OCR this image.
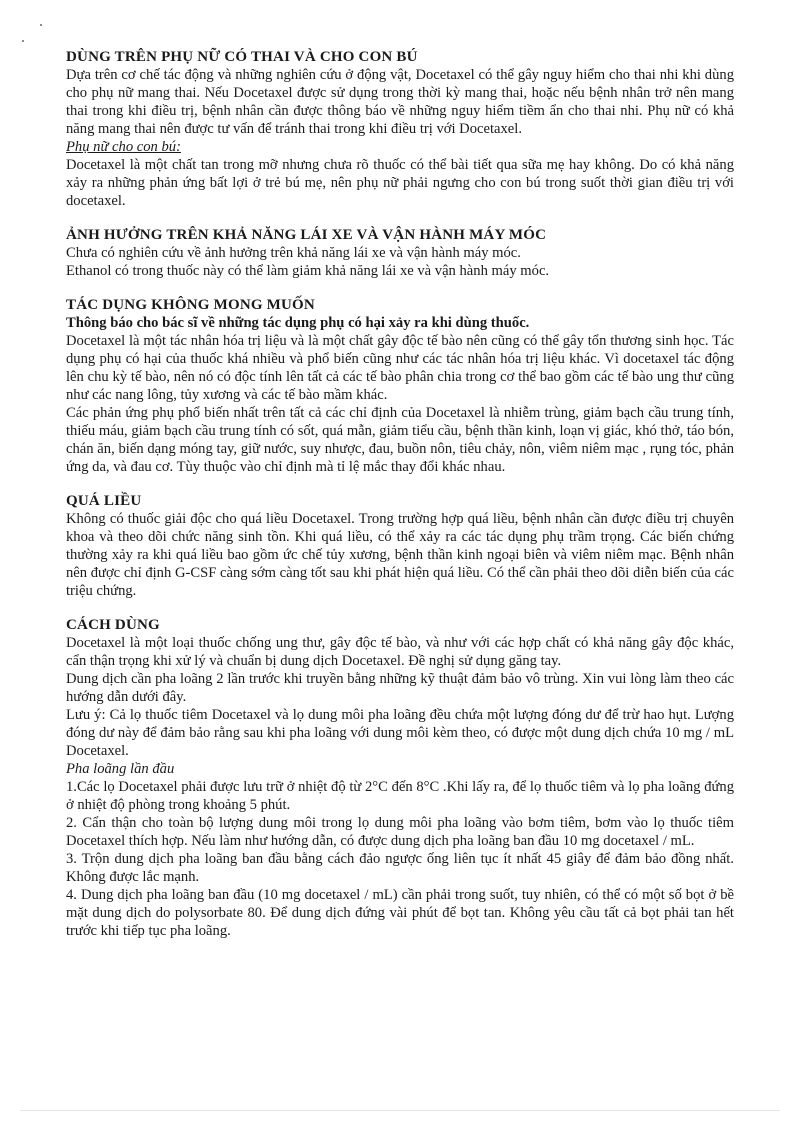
DÙNG TRÊN PHỤ NỮ CÓ THAI VÀ CHO CON BÚ

Dựa trên cơ chế tác động và những nghiên cứu ở động vật, Docetaxel có thể gây nguy hiểm cho thai nhi khi dùng cho phụ nữ mang thai. Nếu Docetaxel được sử dụng trong thời kỳ mang thai, hoặc nếu bệnh nhân trở nên mang thai trong khi điều trị, bệnh nhân cần được thông báo về những nguy hiểm tiềm ẩn cho thai nhi. Phụ nữ có khả năng mang thai nên được tư vấn để tránh thai trong khi điều trị với Docetaxel.

Phụ nữ cho con bú:

Docetaxel là một chất tan trong mỡ nhưng chưa rõ thuốc có thể bài tiết qua sữa mẹ hay không. Do có khả năng xảy ra những phản ứng bất lợi ở trẻ bú mẹ, nên phụ nữ phải ngưng cho con bú trong suốt thời gian điều trị với docetaxel.

ẢNH HƯỞNG TRÊN KHẢ NĂNG LÁI XE VÀ VẬN HÀNH MÁY MÓC

Chưa có nghiên cứu về ảnh hưởng trên khả năng lái xe và vận hành máy móc.

Ethanol có trong thuốc này có thể làm giảm khả năng lái xe và vận hành máy móc.

TÁC DỤNG KHÔNG MONG MUỐN

Thông báo cho bác sĩ về những tác dụng phụ có hại xảy ra khi dùng thuốc.

Docetaxel là một tác nhân hóa trị liệu và là một chất gây độc tế bào nên cũng có thể gây tổn thương sinh học. Tác dụng phụ có hại của thuốc khá nhiều và phổ biến cũng như các tác nhân hóa trị liệu khác. Vì docetaxel tác động lên chu kỳ tế bào, nên nó có độc tính lên tất cả các tế bào phân chia trong cơ thể bao gồm các tế bào ung thư cũng như các nang lông, tủy xương và các tế bào mầm khác.

Các phản ứng phụ phổ biến nhất trên tất cả các chỉ định của Docetaxel là nhiễm trùng, giảm bạch cầu trung tính, thiếu máu, giảm bạch cầu trung tính có sốt, quá mẫn, giảm tiểu cầu, bệnh thần kinh, loạn vị giác, khó thở, táo bón, chán ăn, biến dạng móng tay, giữ nước, suy nhược, đau, buồn nôn, tiêu chảy, nôn, viêm niêm mạc , rụng tóc, phản ứng da, và đau cơ. Tùy thuộc vào chỉ định mà tỉ lệ mắc thay đổi khác nhau.

QUÁ LIỀU

Không có thuốc giải độc cho quá liều Docetaxel. Trong trường hợp quá liều, bệnh nhân cần được điều trị chuyên khoa và theo dõi chức năng sinh tồn. Khi quá liều, có thể xảy ra các tác dụng phụ trầm trọng. Các biến chứng thường xảy ra khi quá liều bao gồm ức chế tủy xương, bệnh thần kinh ngoại biên và viêm niêm mạc. Bệnh nhân nên được chỉ định G-CSF càng sớm càng tốt sau khi phát hiện quá liều. Có thể cần phải theo dõi diễn biến của các triệu chứng.

CÁCH DÙNG

Docetaxel là một loại thuốc chống ung thư, gây độc tế bào, và như với các hợp chất có khả năng gây độc khác, cẩn thận trọng khi xử lý và chuẩn bị dung dịch Docetaxel. Đề nghị sử dụng găng tay.

Dung dịch cần pha loãng 2 lần trước khi truyền bằng những kỹ thuật đảm bảo vô trùng. Xin vui lòng làm theo các hướng dẫn dưới đây.

Lưu ý: Cả lọ thuốc tiêm Docetaxel và lọ dung môi pha loãng đều chứa một lượng đóng dư để trừ hao hụt. Lượng đóng dư này để đảm bảo rằng sau khi pha loãng với dung môi kèm theo, có được một dung dịch chứa 10 mg / mL Docetaxel.

Pha loãng lần đầu

1.Các lọ Docetaxel phải được lưu trữ ở nhiệt độ từ 2°C đến 8°C .Khi lấy ra, để lọ thuốc tiêm và lọ pha loãng đứng ở nhiệt độ phòng trong khoảng 5 phút.

2. Cẩn thận cho toàn bộ lượng dung môi trong lọ dung môi pha loãng vào bơm tiêm, bơm vào lọ thuốc tiêm Docetaxel thích hợp. Nếu làm như hướng dẫn, có được dung dịch pha loãng ban đầu 10 mg docetaxel / mL.

3. Trộn dung dịch pha loãng ban đầu bằng cách đảo ngược ống liên tục ít nhất 45 giây để đảm bảo đồng nhất. Không được lắc mạnh.

4. Dung dịch pha loãng ban đầu (10 mg docetaxel / mL) cần phải trong suốt, tuy nhiên, có thể có một số bọt ở bề mặt dung dịch do polysorbate 80. Để dung dịch đứng vài phút để bọt tan. Không yêu cầu tất cả bọt phải tan hết trước khi tiếp tục pha loãng.
